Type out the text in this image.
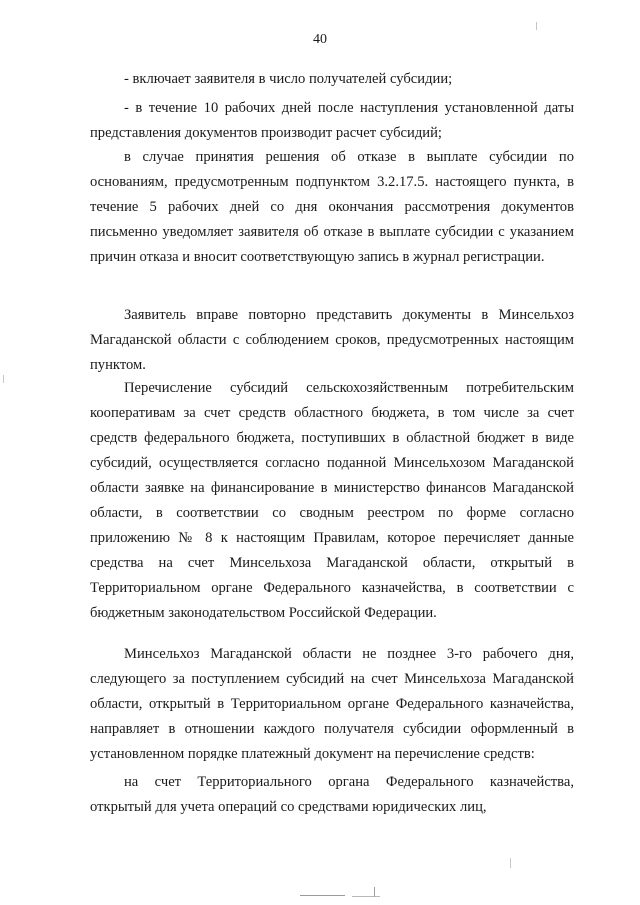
40

- включает заявителя в число получателей субсидии;

- в течение 10 рабочих дней после наступления установленной даты представления документов производит расчет субсидий;

в случае принятия решения об отказе в выплате субсидии по основаниям, предусмотренным подпунктом 3.2.17.5. настоящего пункта, в течение 5 рабочих дней со дня окончания рассмотрения документов письменно уведомляет заявителя об отказе в выплате субсидии с указанием причин отказа и вносит соответствующую запись в журнал регистрации.

Заявитель вправе повторно представить документы в Минсельхоз Магаданской области с соблюдением сроков, предусмотренных настоящим пунктом.

Перечисление субсидий сельскохозяйственным потребительским кооперативам за счет средств областного бюджета, в том числе за счет средств федерального бюджета, поступивших в областной бюджет в виде субсидий, осуществляется согласно поданной Минсельхозом Магаданской области заявке на финансирование в министерство финансов Магаданской области, в соответствии со сводным реестром по форме согласно приложению № 8 к настоящим Правилам, которое перечисляет данные средства на счет Минсельхоза Магаданской области, открытый в Территориальном органе Федерального казначейства, в соответствии с бюджетным законодательством Российской Федерации.

Минсельхоз Магаданской области не позднее 3-го рабочего дня, следующего за поступлением субсидий на счет Минсельхоза Магаданской области, открытый в Территориальном органе Федерального казначейства, направляет в отношении каждого получателя субсидии оформленный в установленном порядке платежный документ на перечисление средств:

на счет Территориального органа Федерального казначейства, открытый для учета операций со средствами юридических лиц,
